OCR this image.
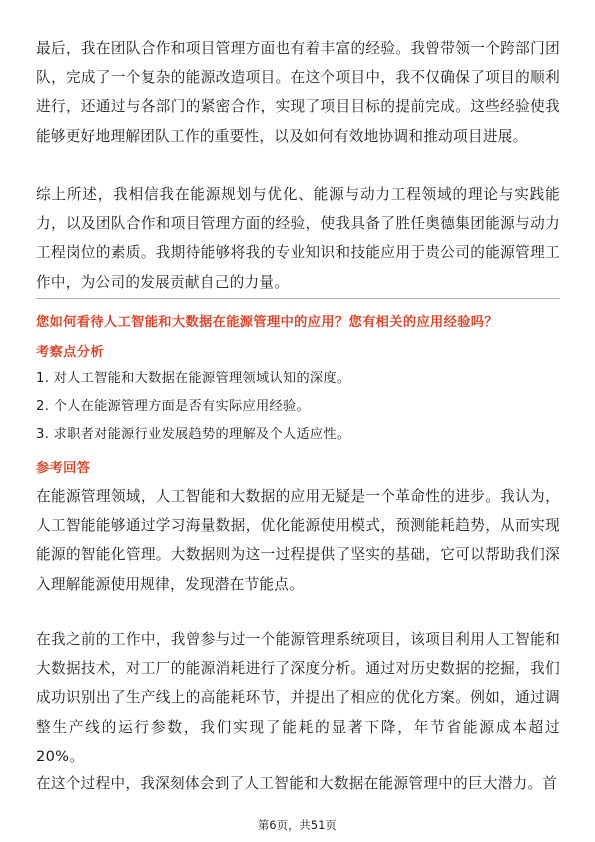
最后，我在团队合作和项目管理方面也有着丰富的经验。我曾带领一个跨部门团队，完成了一个复杂的能源改造项目。在这个项目中，我不仅确保了项目的顺利进行，还通过与各部门的紧密合作，实现了项目目标的提前完成。这些经验使我能够更好地理解团队工作的重要性，以及如何有效地协调和推动项目进展。

综上所述，我相信我在能源规划与优化、能源与动力工程领域的理论与实践能力，以及团队合作和项目管理方面的经验，使我具备了胜任奥德集团能源与动力工程岗位的素质。我期待能够将我的专业知识和技能应用于贵公司的能源管理工作中，为公司的发展贡献自己的力量。

您如何看待人工智能和大数据在能源管理中的应用？您有相关的应用经验吗？
考察点分析
1. 对人工智能和大数据在能源管理领域认知的深度。
2. 个人在能源管理方面是否有实际应用经验。
3. 求职者对能源行业发展趋势的理解及个人适应性。
参考回答

在能源管理领域，人工智能和大数据的应用无疑是一个革命性的进步。我认为，人工智能能够通过学习海量数据，优化能源使用模式，预测能耗趋势，从而实现能源的智能化管理。大数据则为这一过程提供了坚实的基础，它可以帮助我们深入理解能源使用规律，发现潜在节能点。

在我之前的工作中，我曾参与过一个能源管理系统项目，该项目利用人工智能和大数据技术，对工厂的能源消耗进行了深度分析。通过对历史数据的挖掘，我们成功识别出了生产线上的高能耗环节，并提出了相应的优化方案。例如，通过调整生产线的运行参数，我们实现了能耗的显著下降，年节省能源成本超过20%。

在这个过程中，我深刻体会到了人工智能和大数据在能源管理中的巨大潜力。首

第6页，共51页
